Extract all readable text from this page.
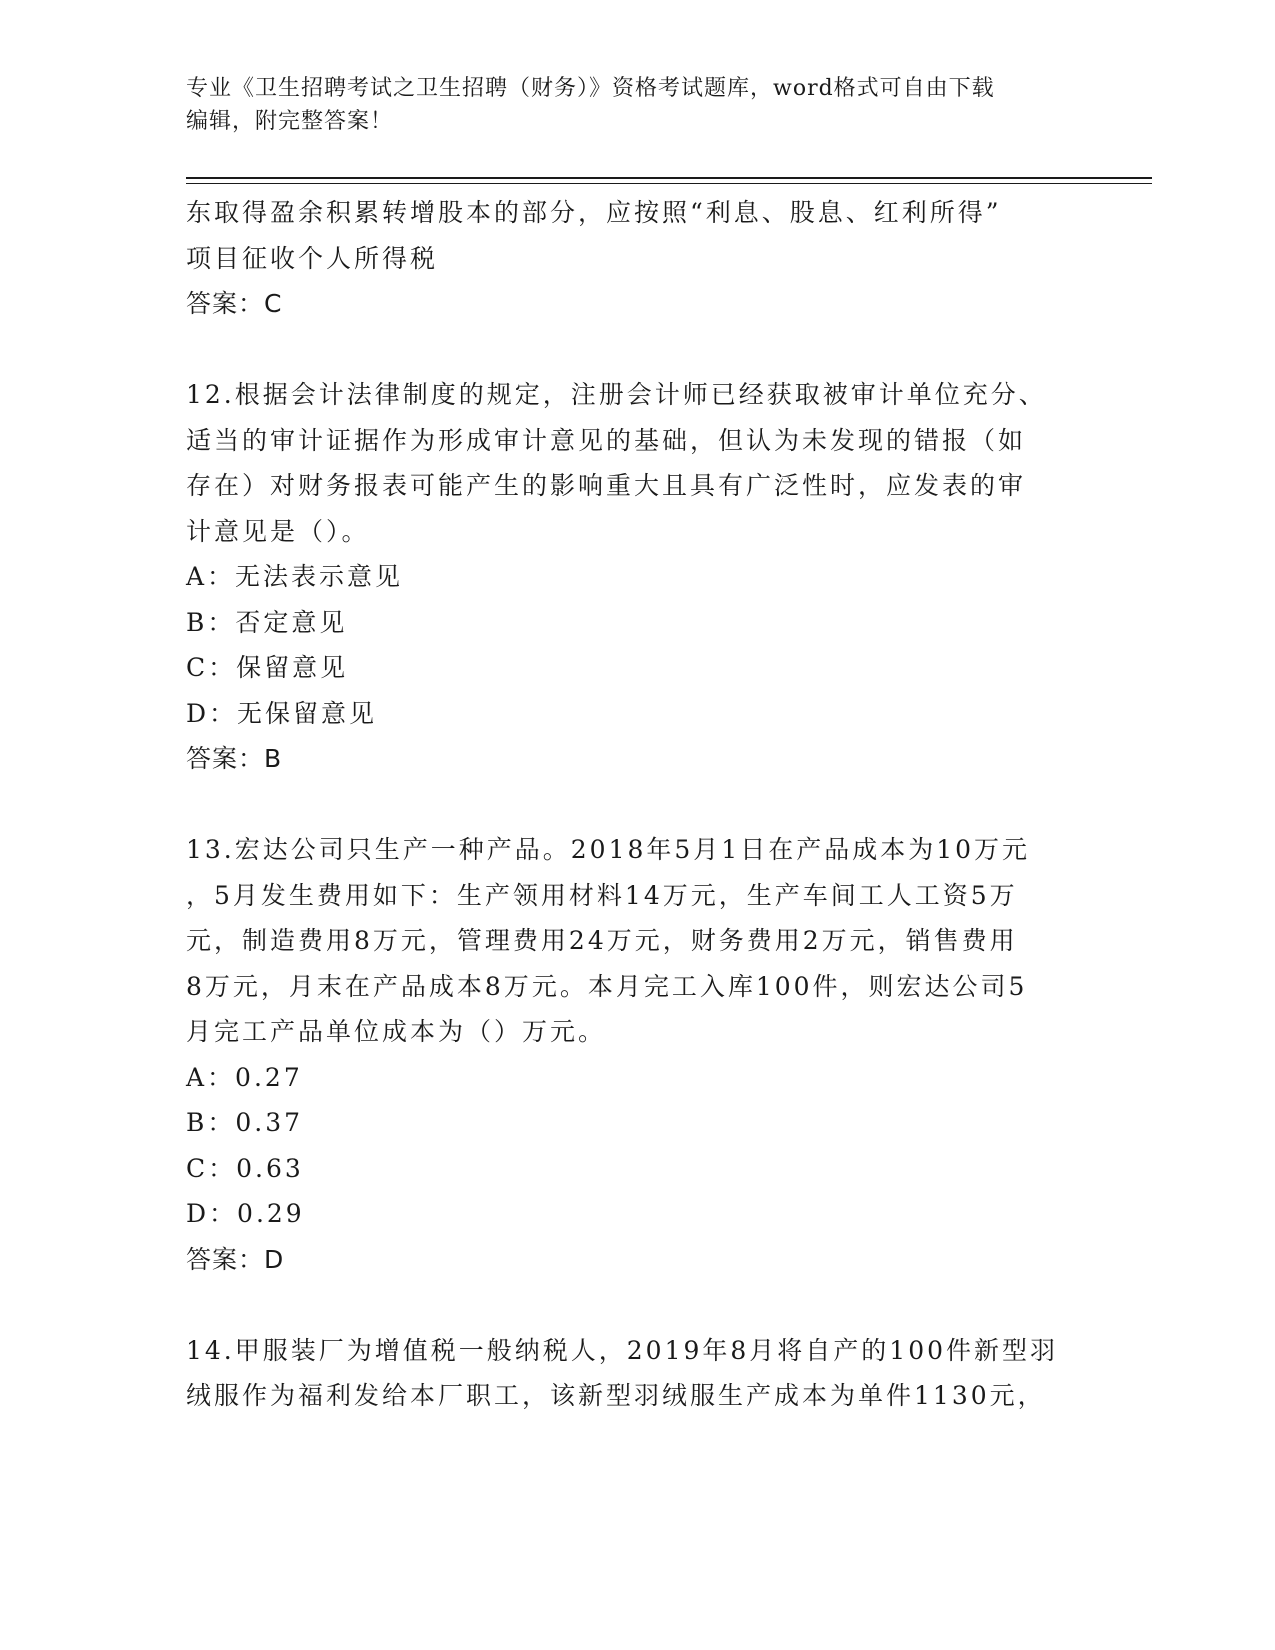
专业《卫生招聘考试之卫生招聘（财务）》资格考试题库，word格式可自由下载
编辑，附完整答案！

东取得盈余积累转增股本的部分，应按照“利息、股息、红利所得”

项目征收个人所得税

答案：C

12.根据会计法律制度的规定，注册会计师已经获取被审计单位充分、

适当的审计证据作为形成审计意见的基础，但认为未发现的错报（如

存在）对财务报表可能产生的影响重大且具有广泛性时，应发表的审

计意见是（）。

A：无法表示意见

B：否定意见

C：保留意见

D：无保留意见

答案：B

13.宏达公司只生产一种产品。2018年5月1日在产品成本为10万元

，5月发生费用如下：生产领用材料14万元，生产车间工人工资5万

元，制造费用8万元，管理费用24万元，财务费用2万元，销售费用

8万元，月末在产品成本8万元。本月完工入库100件，则宏达公司5

月完工产品单位成本为（）万元。

A：0.27

B：0.37

C：0.63

D：0.29

答案：D

14.甲服装厂为增值税一般纳税人，2019年8月将自产的100件新型羽

绒服作为福利发给本厂职工，该新型羽绒服生产成本为单件1130元，
